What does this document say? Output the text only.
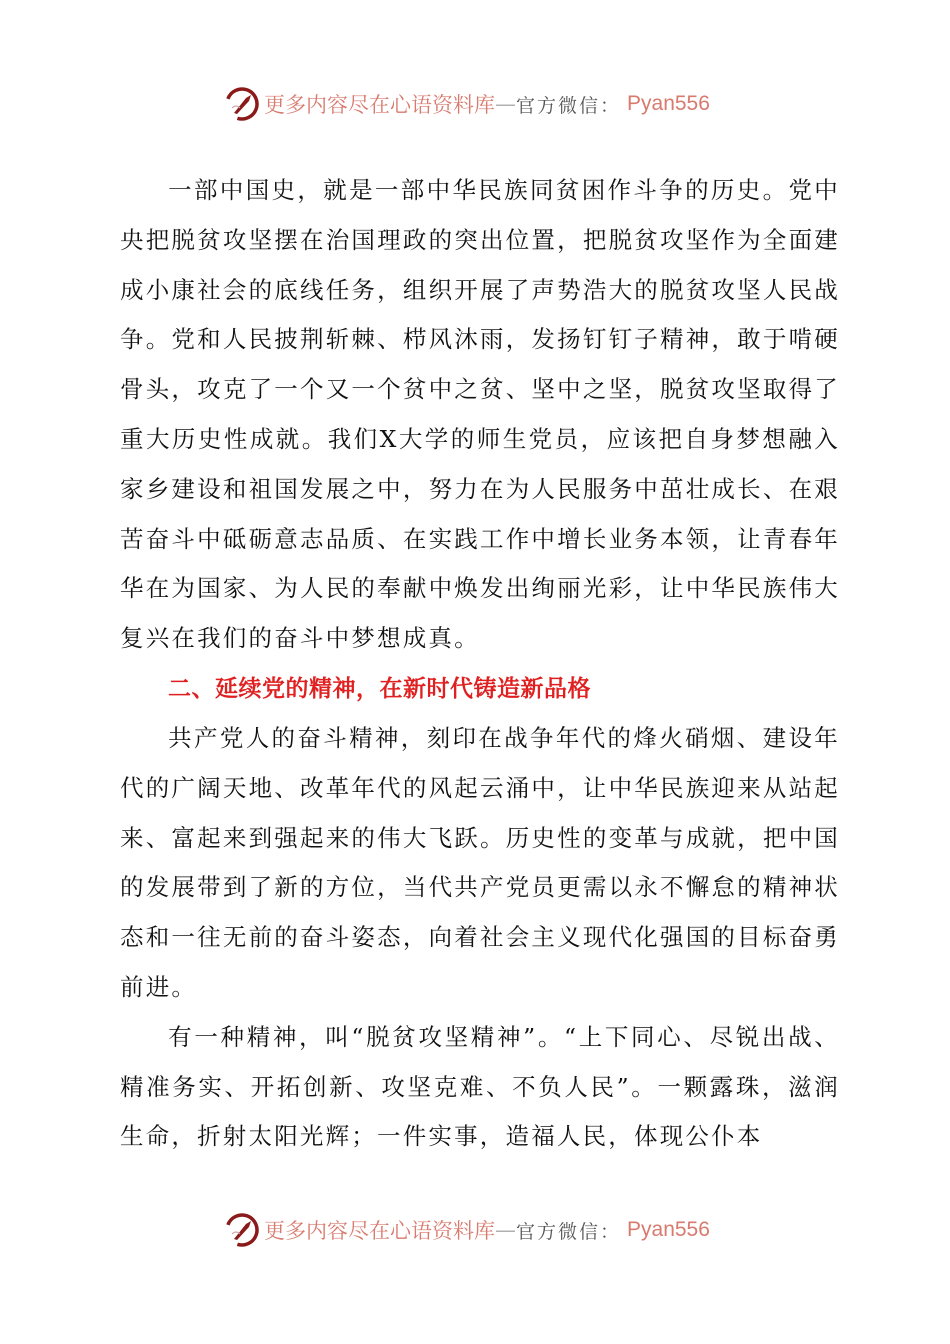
更多内容尽在心语资料库 — 官方微信： Pyan556

一部中国史，就是一部中华民族同贫困作斗争的历史。党中央把脱贫攻坚摆在治国理政的突出位置，把脱贫攻坚作为全面建成小康社会的底线任务，组织开展了声势浩大的脱贫攻坚人民战争。党和人民披荆斩棘、栉风沐雨，发扬钉钉子精神，敢于啃硬骨头，攻克了一个又一个贫中之贫、坚中之坚，脱贫攻坚取得了重大历史性成就。我们X大学的师生党员，应该把自身梦想融入家乡建设和祖国发展之中，努力在为人民服务中茁壮成长、在艰苦奋斗中砥砺意志品质、在实践工作中增长业务本领，让青春年华在为国家、为人民的奉献中焕发出绚丽光彩，让中华民族伟大复兴在我们的奋斗中梦想成真。

二、延续党的精神，在新时代铸造新品格

共产党人的奋斗精神，刻印在战争年代的烽火硝烟、建设年代的广阔天地、改革年代的风起云涌中，让中华民族迎来从站起来、富起来到强起来的伟大飞跃。历史性的变革与成就，把中国的发展带到了新的方位，当代共产党员更需以永不懈怠的精神状态和一往无前的奋斗姿态，向着社会主义现代化强国的目标奋勇前进。

有一种精神，叫“脱贫攻坚精神”。“上下同心、尽锐出战、精准务实、开拓创新、攻坚克难、不负人民”。一颗露珠，滋润生命，折射太阳光辉；一件实事，造福人民，体现公仆本

更多内容尽在心语资料库 — 官方微信： Pyan556
